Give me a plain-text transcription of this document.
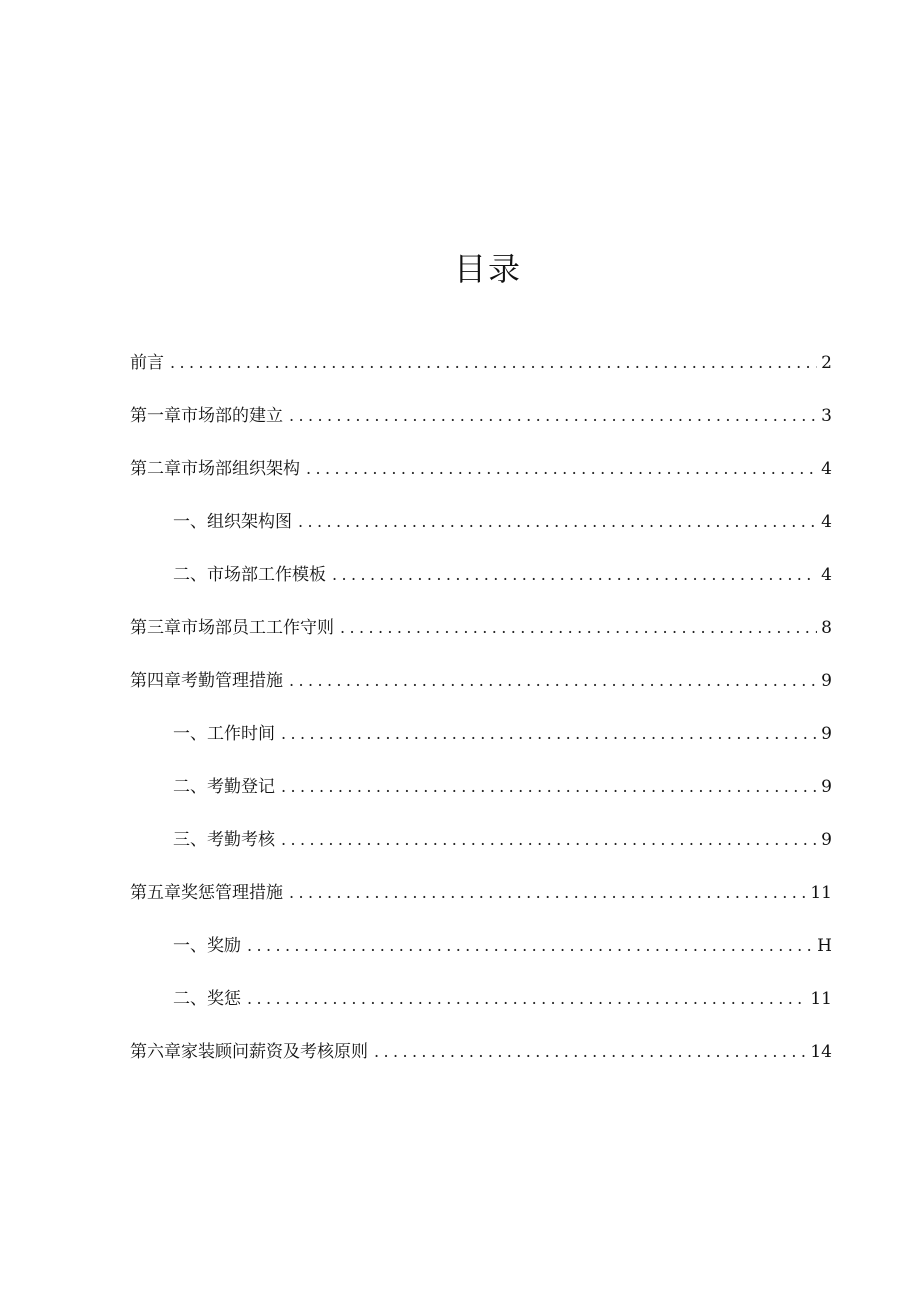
目录
前言 .....	2
第一章市场部的建立 .....	3
第二章市场部组织架构 .....	4
一、组织架构图 .....	4
二、市场部工作模板 .....	4
第三章市场部员工工作守则 .....	8
第四章考勤管理措施 .....	9
一、工作时间 .....	9
二、考勤登记 .....	9
三、考勤考核 .....	9
第五章奖惩管理措施 .....	11
一、奖励 .....	H
二、奖惩 .....	11
第六章家装顾问薪资及考核原则 .....	14
